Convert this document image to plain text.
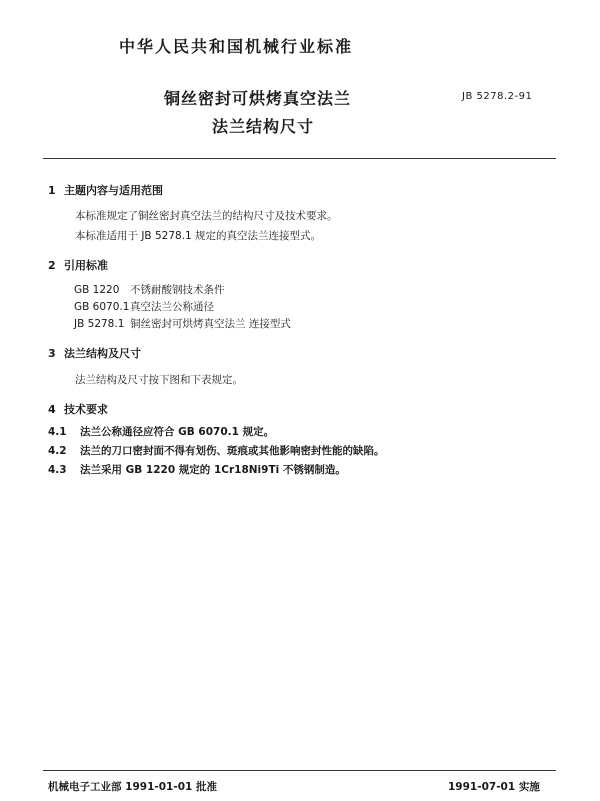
中华人民共和国机械行业标准
铜丝密封可烘烤真空法兰
法兰结构尺寸
JB 5278.2-91
1 主题内容与适用范围
本标准规定了铜丝密封真空法兰的结构尺寸及技术要求。
本标准适用于 JB 5278.1 规定的真空法兰连接型式。
2 引用标准
GB 1220 不锈耐酸钢技术条件
GB 6070.1真空法兰公称通径
JB 5278.1 铜丝密封可烘烤真空法兰 连接型式
3 法兰结构及尺寸
法兰结构及尺寸按下图和下表规定。
4 技术要求
4.1 法兰公称通径应符合 GB 6070.1 规定。
4.2 法兰的刀口密封面不得有划伤、斑痕或其他影响密封性能的缺陷。
4.3 法兰采用 GB 1220 规定的 1Cr18Ni9Ti 不锈钢制造。
机械电子工业部 1991-01-01 批准	1991-07-01 实施
